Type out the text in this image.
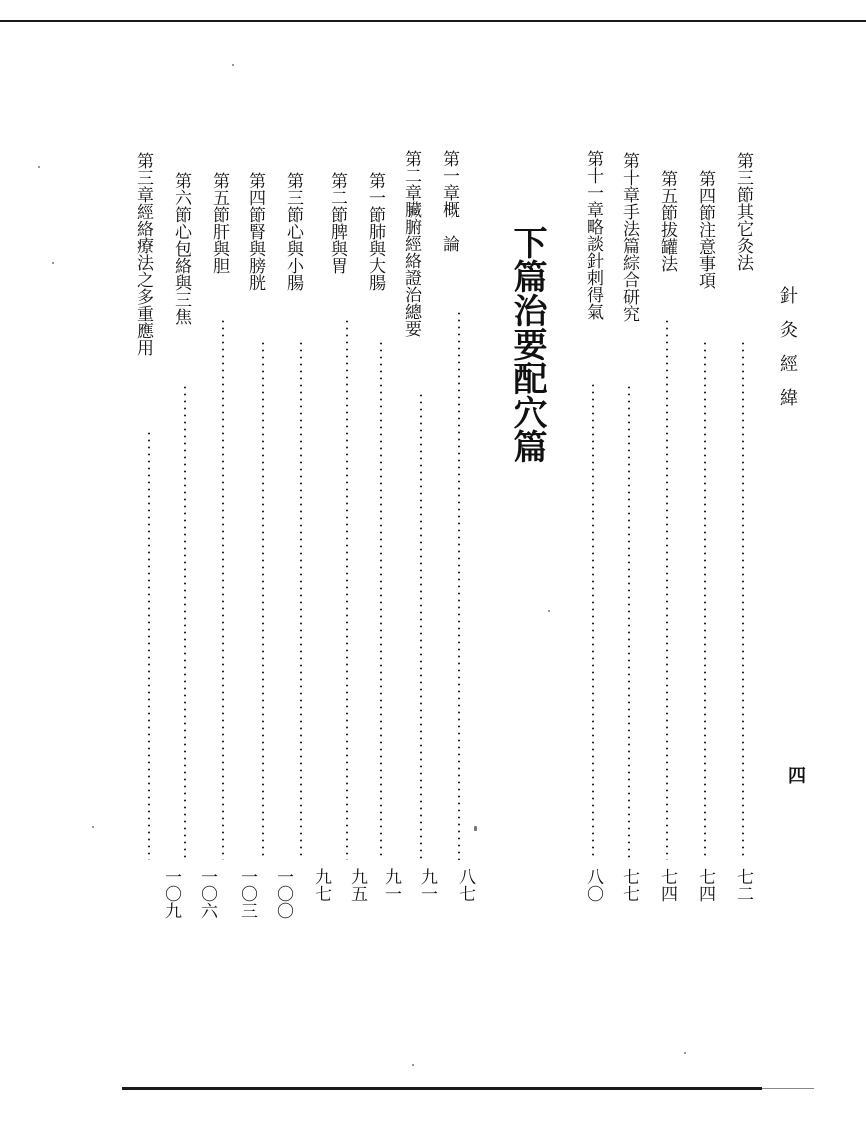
針灸經緯
四
下篇治要配穴篇
第三節其它灸法
七二
第四節注意事項
七四
第五節拔罐法
七四
第十章手法篇綜合研究
七七
第十一章略談針刺得氣
八〇
第一章概　論
八七
第二章臟腑經絡證治總要
九一
第一節肺與大腸
九一
第二節脾與胃
九五
第三節心與小腸
九七
第四節腎與膀胱
一〇〇
第五節肝與胆
一〇三
第六節心包絡與三焦
一〇六
第三章經絡療法之多重應用
一〇九
